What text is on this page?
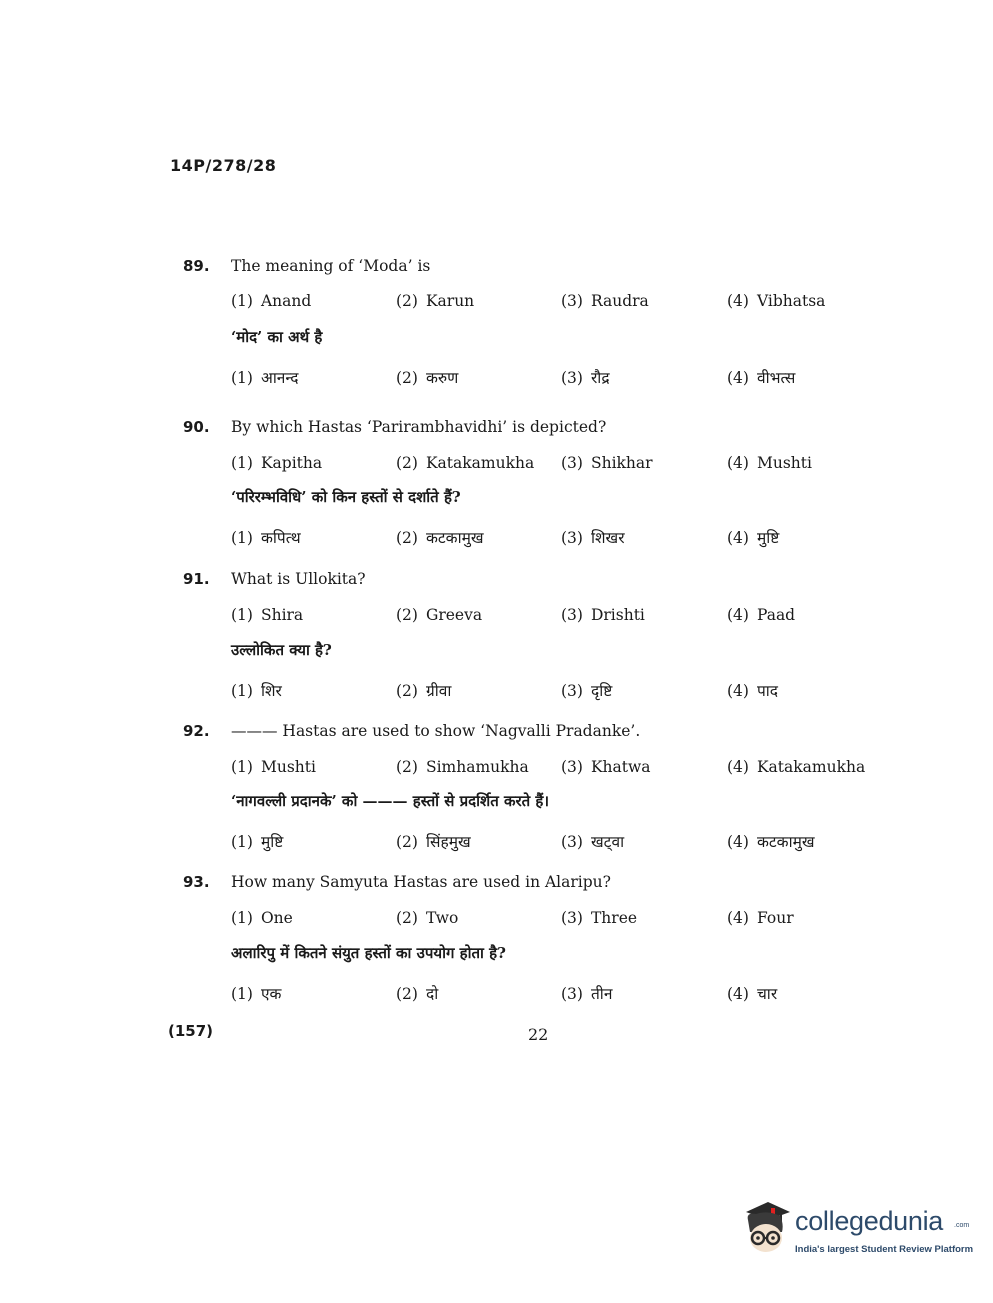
14P/278/28
89. The meaning of ‘Moda’ is
(1) Anand	(2) Karun	(3) Raudra	(4) Vibhatsa
‘मोद’ का अर्थ है
(1) आनन्द	(2) करुण	(3) रौद्र	(4) वीभत्स
90. By which Hastas ‘Parirambhavidhi’ is depicted?
(1) Kapitha	(2) Katakamukha (3) Shikhar	(4) Mushti
‘परिरम्भविधि’ को किन हस्तों से दर्शाते हैं?
(1) कपित्थ	(2) कटकामुख	(3) शिखर	(4) मुष्टि
91. What is Ullokita?
(1) Shira	(2) Greeva	(3) Drishti	(4) Paad
उल्लोकित क्या है?
(1) शिर	(2) ग्रीवा	(3) दृष्टि	(4) पाद
92. ——— Hastas are used to show ‘Nagvalli Pradanke’.
(1) Mushti	(2) Simhamukha (3) Khatwa	(4) Katakamukha
‘नागवल्ली प्रदानके’ को ——— हस्तों से प्रदर्शित करते हैं।
(1) मुष्टि	(2) सिंहमुख	(3) खट्वा	(4) कटकामुख
93. How many Samyuta Hastas are used in Alaripu?
(1) One	(2) Two	(3) Three	(4) Four
अलारिपु में कितने संयुत हस्तों का उपयोग होता है?
(1) एक	(2) दो	(3) तीन	(4) चार
(157)	22
collegedunia .com
India's largest Student Review Platform
